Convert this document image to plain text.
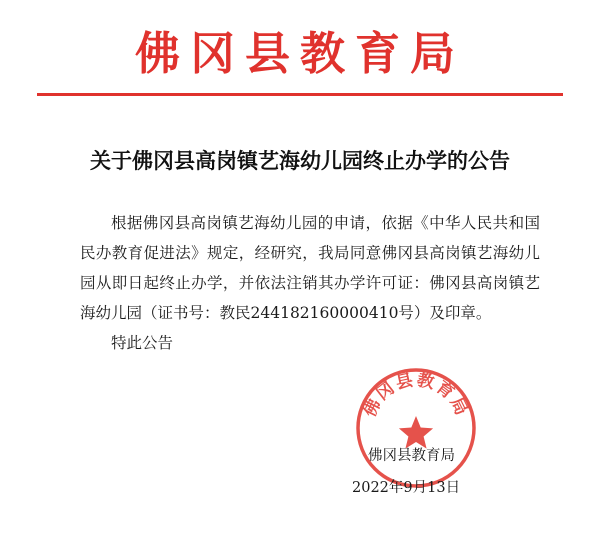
佛冈县教育局
关于佛冈县高岗镇艺海幼儿园终止办学的公告

根据佛冈县高岗镇艺海幼儿园的申请，依据《中华人民共和国民办教育促进法》规定，经研究，我局同意佛冈县高岗镇艺海幼儿园从即日起终止办学，并依法注销其办学许可证：佛冈县高岗镇艺海幼儿园（证书号：教民244182160000410号）及印章。

特此公告

佛冈县教育局
佛冈县教育局
2022年9月13日
